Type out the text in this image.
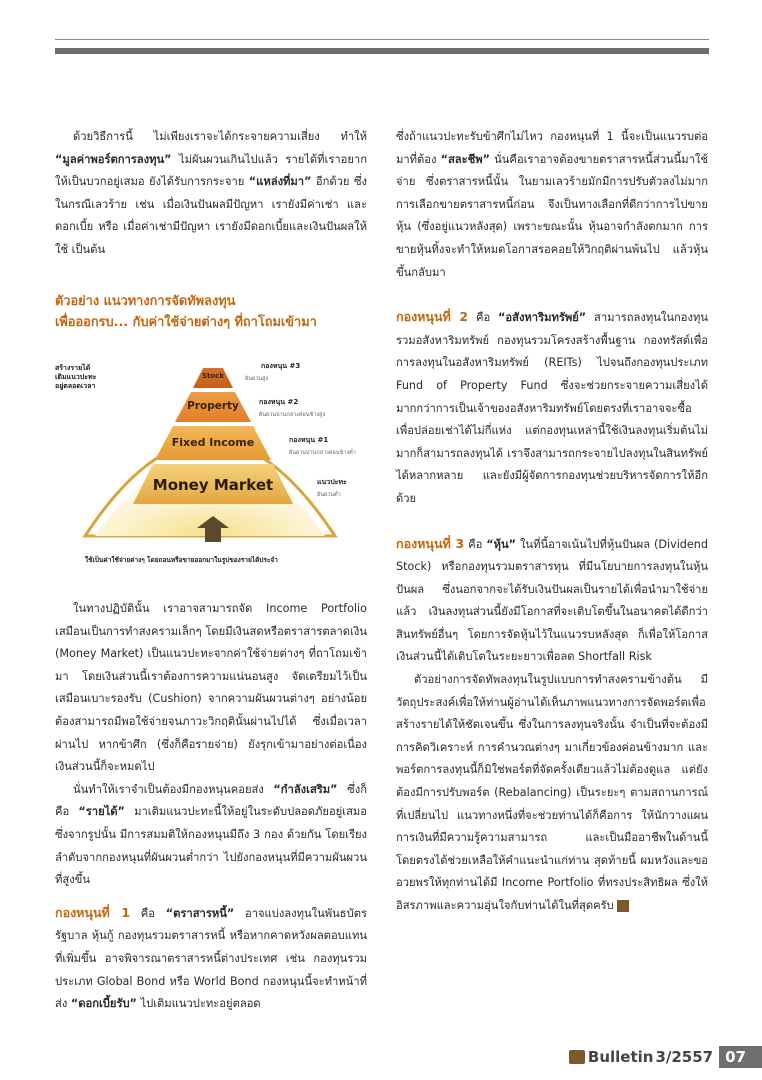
ด้วยวิธีการนี้ ไม่เพียงเราจะได้กระจายความเสี่ยง ทำให้ “มูลค่าพอร์ตการลงทุน” ไม่ผันผวนเกินไปแล้ว รายได้ที่เราอยากให้เป็นบวกอยู่เสมอ ยังได้รับการกระจาย “แหล่งที่มา” อีกด้วย ซึ่งในกรณีเลวร้าย เช่น เมื่อเงินปันผลมีปัญหา เรายังมีค่าเช่า และดอกเบี้ย หรือ เมื่อค่าเช่ามีปัญหา เรายังมีดอกเบี้ยและเงินปันผลให้ใช้ เป็นต้น

ตัวอย่าง แนวทางการจัดทัพลงทุน
เพื่อออกรบ... กับค่าใช้จ่ายต่างๆ ที่ถาโถมเข้ามา
สร้างรายได้
เติมแนวปะทะ
อยู่ตลอดเวลา
Stock
Property
Fixed Income
Money Market
กองหนุน #3
ผันผวนสูง
กองหนุน #2
ผันผวนปานกลางค่อนข้างสูง
กองหนุน #1
ผันผวนปานกลางค่อนข้างต่ำ
แนวปะทะ
ผันผวนต่ำ
ใช้เป็นค่าใช้จ่ายต่างๆ โดยถอนหรือขายออกมาในรูปของรายได้ประจำ

ในทางปฏิบัตินั้น เราอาจสามารถจัด Income Portfolio เสมือนเป็นการทำสงครามเล็กๆ โดยมีเงินสดหรือตราสารตลาดเงิน (Money Market) เป็นแนวปะทะจากค่าใช้จ่ายต่างๆ ที่ถาโถมเข้ามา โดยเงินส่วนนี้เราต้องการความแน่นอนสูง จัดเตรียมไว้เป็นเสมือนเบาะรองรับ (Cushion) จากความผันผวนต่างๆ อย่างน้อยต้องสามารถมีพอใช้จ่ายจนภาวะวิกฤตินั้นผ่านไปได้ ซึ่งเมื่อเวลาผ่านไป หากข้าศึก (ซึ่งก็คือรายจ่าย) ยังรุกเข้ามาอย่างต่อเนื่อง เงินส่วนนี้ก็จะหมดไป

นั่นทำให้เราจำเป็นต้องมีกองหนุนคอยส่ง “กำลังเสริม” ซึ่งก็คือ “รายได้” มาเติมแนวปะทะนี้ให้อยู่ในระดับปลอดภัยอยู่เสมอ ซึ่งจากรูปนั้น มีการสมมติให้กองหนุนมีถึง 3 กอง ด้วยกัน โดยเรียงลำดับจากกองหนุนที่ผันผวนต่ำกว่า ไปยังกองหนุนที่มีความผันผวนที่สูงขึ้น

กองหนุนที่ 1 คือ “ตราสารหนี้” อาจแบ่งลงทุนในพันธบัตรรัฐบาล หุ้นกู้ กองทุนรวมตราสารหนี้ หรือหากคาดหวังผลตอบแทนที่เพิ่มขึ้น อาจพิจารณาตราสารหนี้ต่างประเทศ เช่น กองทุนรวมประเภท Global Bond หรือ World Bond กองหนุนนี้จะทำหน้าที่ส่ง “ดอกเบี้ยรับ” ไปเติมแนวปะทะอยู่ตลอด

ซึ่งถ้าแนวปะทะรับข้าศึกไม่ไหว กองหนุนที่ 1 นี้จะเป็นแนวรบต่อมาที่ต้อง “สละชีพ” นั่นคือเราอาจต้องขายตราสารหนี้ส่วนนี้มาใช้จ่าย ซึ่งตราสารหนี้นั้น ในยามเลวร้ายมักมีการปรับตัวลงไม่มาก การเลือกขายตราสารหนี้ก่อน จึงเป็นทางเลือกที่ดีกว่าการไปขายหุ้น (ซึ่งอยู่แนวหลังสุด) เพราะขณะนั้น หุ้นอาจกำลังตกมาก การขายหุ้นทิ้งจะทำให้หมดโอกาสรอคอยให้วิกฤติผ่านพ้นไป แล้วหุ้นขึ้นกลับมา

กองหนุนที่ 2 คือ “อสังหาริมทรัพย์” สามารถลงทุนในกองทุนรวมอสังหาริมทรัพย์ กองทุนรวมโครงสร้างพื้นฐาน กองทรัสต์เพื่อการลงทุนในอสังหาริมทรัพย์ (REITs) ไปจนถึงกองทุนประเภท Fund of Property Fund ซึ่งจะช่วยกระจายความเสี่ยงได้มากกว่าการเป็นเจ้าของอสังหาริมทรัพย์โดยตรงที่เราอาจจะซื้อเพื่อปล่อยเช่าได้ไม่กี่แห่ง แต่กองทุนเหล่านี้ใช้เงินลงทุนเริ่มต้นไม่มากก็สามารถลงทุนได้ เราจึงสามารถกระจายไปลงทุนในสินทรัพย์ได้หลากหลาย และยังมีผู้จัดการกองทุนช่วยบริหารจัดการให้อีกด้วย

กองหนุนที่ 3 คือ “หุ้น” ในที่นี้อาจเน้นไปที่หุ้นปันผล (Dividend Stock) หรือกองทุนรวมตราสารทุน ที่มีนโยบายการลงทุนในหุ้นปันผล ซึ่งนอกจากจะได้รับเงินปันผลเป็นรายได้เพื่อนำมาใช้จ่ายแล้ว เงินลงทุนส่วนนี้ยังมีโอกาสที่จะเติบโตขึ้นในอนาคตได้ดีกว่าสินทรัพย์อื่นๆ โดยการจัดหุ้นไว้ในแนวรบหลังสุด ก็เพื่อให้โอกาสเงินส่วนนี้ได้เติบโตในระยะยาวเพื่อลด Shortfall Risk

ตัวอย่างการจัดทัพลงทุนในรูปแบบการทำสงครามข้างต้น มีวัตถุประสงค์เพื่อให้ท่านผู้อ่านได้เห็นภาพแนวทางการจัดพอร์ตเพื่อสร้างรายได้ให้ชัดเจนขึ้น ซึ่งในการลงทุนจริงนั้น จำเป็นที่จะต้องมีการคิดวิเคราะห์ การคำนวณต่างๆ มาเกี่ยวข้องค่อนข้างมาก และพอร์ตการลงทุนนี้ก็มิใช่พอร์ตที่จัดครั้งเดียวแล้วไม่ต้องดูแล แต่ยังต้องมีการปรับพอร์ต (Rebalancing) เป็นระยะๆ ตามสถานการณ์ที่เปลี่ยนไป แนวทางหนึ่งที่จะช่วยท่านได้ก็คือการ ให้นักวางแผนการเงินที่มีความรู้ความสามารถ และเป็นมืออาชีพในด้านนี้โดยตรงได้ช่วยเหลือให้คำแนะนำแก่ท่าน สุดท้ายนี้ ผมหวังและขออวยพรให้ทุกท่านได้มี Income Portfolio ที่ทรงประสิทธิผล ซึ่งให้อิสรภาพและความอุ่นใจกับท่านได้ในที่สุดครับ

Bulletin 3/2557 07
